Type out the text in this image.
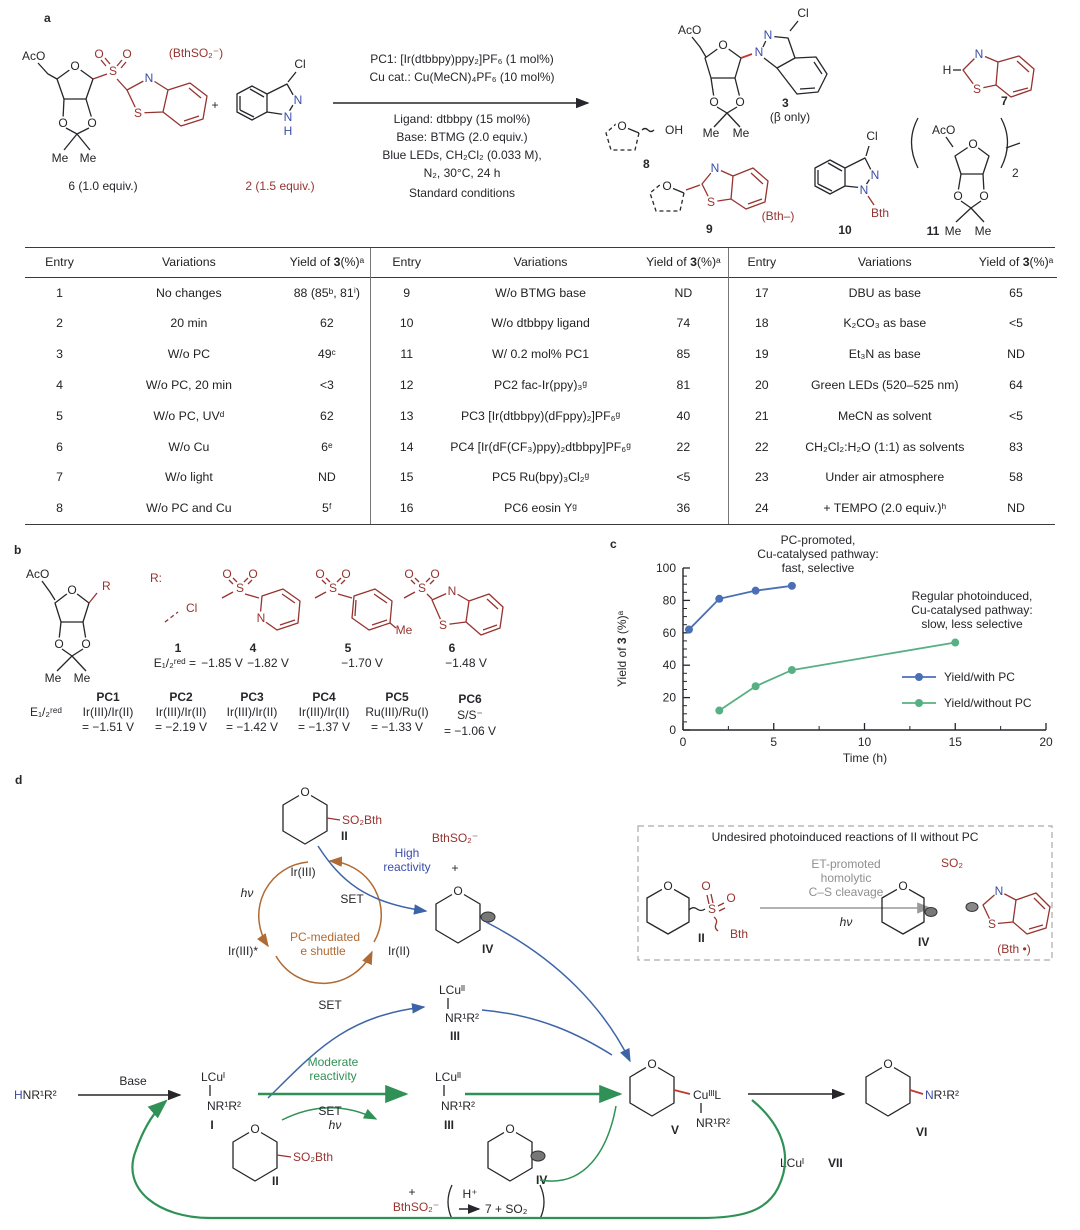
a
AcO
O S
O O	(BthSO₂⁻)
N
S
O O
Me Me
6 (1.0 equiv.)
+
Cl
N
N
H
2 (1.5 equiv.)
PC1: [Ir(dtbbpy)ppy₂]PF₆ (1 mol%)
Cu cat.: Cu(MeCN)₄PF₆ (10 mol%)
Ligand: dtbbpy (15 mol%)
Base: BTMG (2.0 equiv.)
Blue LEDs, CH₂Cl₂ (0.033 M),
N₂, 30°C, 24 h
Standard conditions
AcO
O N
N
Cl
O O
Me Me
3
(β only)
H
N
S
7
O	OH
8
O
N
S
(Bth–)
9
Cl
N
N
Bth
10
2
AcO
O
O O
Me Me
11
Entry	Variations	Yield of 3(%)ᵃ
1	No changes	88 (85ᵇ, 81ⁱ)
2	20 min	62
3	W/o PC	49ᶜ
4	W/o PC, 20 min	<3
5	W/o PC, UVᵈ	62
6	W/o Cu	6ᵉ
7	W/o light	ND
8	W/o PC and Cu	5ᶠ
Entry	Variations	Yield of 3(%)ᵃ
9	W/o BTMG base	ND
10	W/o dtbbpy ligand	74
11	W/ 0.2 mol% PC1	85
12	PC2 fac-Ir(ppy)₃ᵍ	81
13	PC3 [Ir(dtbbpy)(dFppy)₂]PF₆ᵍ	40
14	PC4 [Ir(dF(CF₃)ppy)₂dtbbpy]PF₆ᵍ	22
15	PC5 Ru(bpy)₃Cl₂ᵍ	<5
16	PC6 eosin Yᵍ	36
Entry	Variations	Yield of 3(%)ᵃ
17	DBU as base	65
18	K₂CO₃ as base	<5
19	Et₃N as base	ND
20	Green LEDs (520–525 nm)	64
21	MeCN as solvent	<5
22	CH₂Cl₂:H₂O (1:1) as solvents	83
23	Under air atmosphere	58
24	+ TEMPO (2.0 equiv.)ʰ	ND
b
AcO
O R
O O
Me Me
R:
Cl
1
E₁/₂ʳᵉᵈ = −1.85 V
O O
S
N
4
−1.82 V
O O
S
Me
5
−1.70 V
O O
S N
S
6
−1.48 V
E₁/₂ʳᵉᵈ
PC1
Ir(III)/Ir(II)
= −1.51 V
PC2
Ir(III)/Ir(II)
= −2.19 V
PC3
Ir(III)/Ir(II)
= −1.42 V
PC4
Ir(III)/Ir(II)
= −1.37 V
PC5
Ru(III)/Ru(I)
= −1.33 V
PC6
S/S⁻
= −1.06 V
c
0
20
40
60
80
100
0	5	10	15	20
Yield of 3 (%)ᵃ
Time (h)
PC-promoted,
Cu-catalysed pathway:
fast, selective
Regular photoinduced,
Cu-catalysed pathway:
slow, less selective
Yield/with PC
Yield/without PC
d
O
SO₂Bth
II	BthSO₂⁻
High
reactivity +
Ir(III)
hν	SET
Ir(III)*
PC-mediated
e shuttle	Ir(II)
SET
O
IV
LCuᴵᴵ
NR¹R²
III
Undesired photoinduced reactions of II without PC
O
S
O
O
Bth
II
ET-promoted
homolytic
C–S cleavage
hν
SO₂
O
IV
N
S
(Bth •)
HNR¹R²
Base	LCuᴵ
NR¹R²
I
Moderate
reactivity
SET
hν
O
SO₂Bth
II
LCuᴵᴵ
NR¹R²
III	O
IV
+
BthSO₂⁻
H⁺
7 + SO₂
O
CuᴵᴵᴵL
NR¹R²
V
O
NR¹R²
VI
LCuᴵ VII
